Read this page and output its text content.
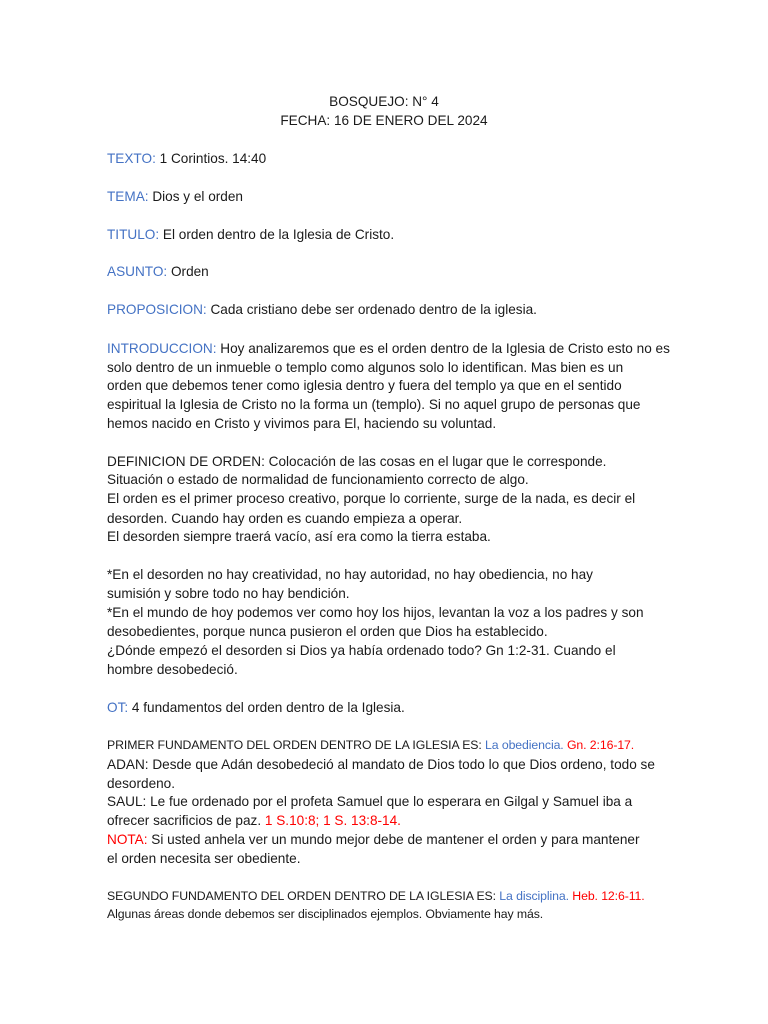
BOSQUEJO: N° 4
FECHA: 16 DE ENERO DEL 2024
TEXTO: 1 Corintios. 14:40
TEMA: Dios y el orden
TITULO: El orden dentro de la Iglesia de Cristo.
ASUNTO: Orden
PROPOSICION: Cada cristiano debe ser ordenado dentro de la iglesia.
INTRODUCCION: Hoy analizaremos que es el orden dentro de la Iglesia de Cristo esto no es
solo dentro de un inmueble o templo como algunos solo lo identifican. Mas bien es un
orden que debemos tener como iglesia dentro y fuera del templo ya que en el sentido
espiritual la Iglesia de Cristo no la forma un (templo). Si no aquel grupo de personas que
hemos nacido en Cristo y vivimos para El, haciendo su voluntad.
DEFINICION DE ORDEN: Colocación de las cosas en el lugar que le corresponde.
Situación o estado de normalidad de funcionamiento correcto de algo.
El orden es el primer proceso creativo, porque lo corriente, surge de la nada, es decir el
desorden. Cuando hay orden es cuando empieza a operar.
El desorden siempre traerá vacío, así era como la tierra estaba.
*En el desorden no hay creatividad, no hay autoridad, no hay obediencia, no hay
sumisión y sobre todo no hay bendición.
*En el mundo de hoy podemos ver como hoy los hijos, levantan la voz a los padres y son
desobedientes, porque nunca pusieron el orden que Dios ha establecido.
¿Dónde empezó el desorden si Dios ya había ordenado todo? Gn 1:2-31. Cuando el
hombre desobedeció.
OT: 4 fundamentos del orden dentro de la Iglesia.
PRIMER FUNDAMENTO DEL ORDEN DENTRO DE LA IGLESIA ES: La obediencia. Gn. 2:16-17.
ADAN: Desde que Adán desobedeció al mandato de Dios todo lo que Dios ordeno, todo se
desordeno.
SAUL: Le fue ordenado por el profeta Samuel que lo esperara en Gilgal y Samuel iba a
ofrecer sacrificios de paz. 1 S.10:8; 1 S. 13:8-14.
NOTA: Si usted anhela ver un mundo mejor debe de mantener el orden y para mantener
el orden necesita ser obediente.
SEGUNDO FUNDAMENTO DEL ORDEN DENTRO DE LA IGLESIA ES: La disciplina. Heb. 12:6-11.
Algunas áreas donde debemos ser disciplinados ejemplos. Obviamente hay más.
